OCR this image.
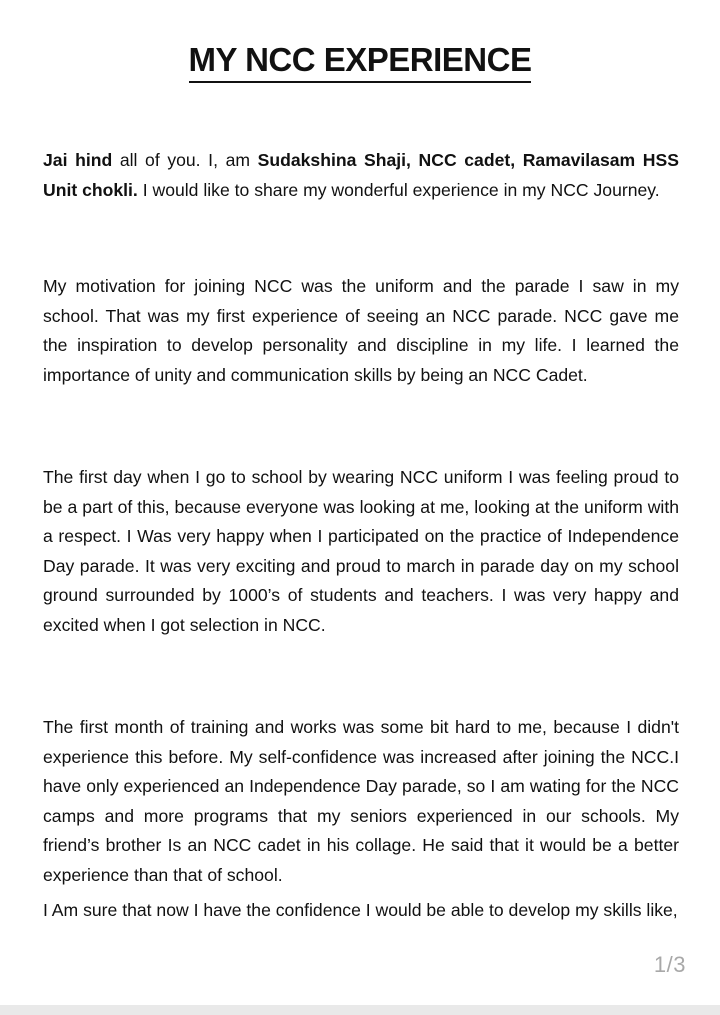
MY NCC EXPERIENCE

Jai hind all of you. I, am Sudakshina Shaji, NCC cadet, Ramavilasam HSS Unit chokli. I would like to share my wonderful experience in my NCC Journey.

My motivation for joining NCC was the uniform and the parade I saw in my school. That was my first experience of seeing an NCC parade. NCC gave me the inspiration to develop personality and discipline in my life. I learned the importance of unity and communication skills by being an NCC Cadet.

The first day when I go to school by wearing NCC uniform I was feeling proud to be a part of this, because everyone was looking at me, looking at the uniform with a respect. I Was very happy when I participated on the practice of Independence Day parade. It was very exciting and proud to march in parade day on my school ground surrounded by 1000’s of students and teachers. I was very happy and excited when I got selection in NCC.

The first month of training and works was some bit hard to me, because I didn't experience this before. My self-confidence was increased after joining the NCC.I have only experienced an Independence Day parade, so I am wating for the NCC camps and more programs that my seniors experienced in our schools. My friend’s brother Is an NCC cadet in his collage. He said that it would be a better experience than that of school.

I Am sure that now I have the confidence I would be able to develop my skills like,

1/3
